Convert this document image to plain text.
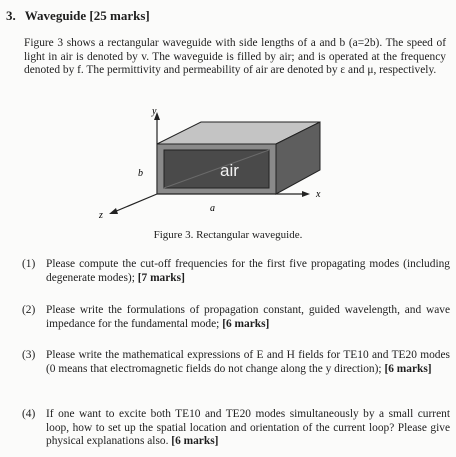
3. Waveguide [25 marks]
Figure 3 shows a rectangular waveguide with side lengths of a and b (a=2b). The speed of light in air is denoted by v. The waveguide is filled by air; and is operated at the frequency denoted by f. The permittivity and permeability of air are denoted by ε and μ, respectively.
y
air
x
z
b
a
Figure 3. Rectangular waveguide.
(1) Please compute the cut-off frequencies for the first five propagating modes (including degenerate modes); [7 marks]
(2) Please write the formulations of propagation constant, guided wavelength, and wave impedance for the fundamental mode; [6 marks]
(3) Please write the mathematical expressions of E and H fields for TE10 and TE20 modes (0 means that electromagnetic fields do not change along the y direction); [6 marks]
(4) If one want to excite both TE10 and TE20 modes simultaneously by a small current loop, how to set up the spatial location and orientation of the current loop? Please give physical explanations also. [6 marks]
